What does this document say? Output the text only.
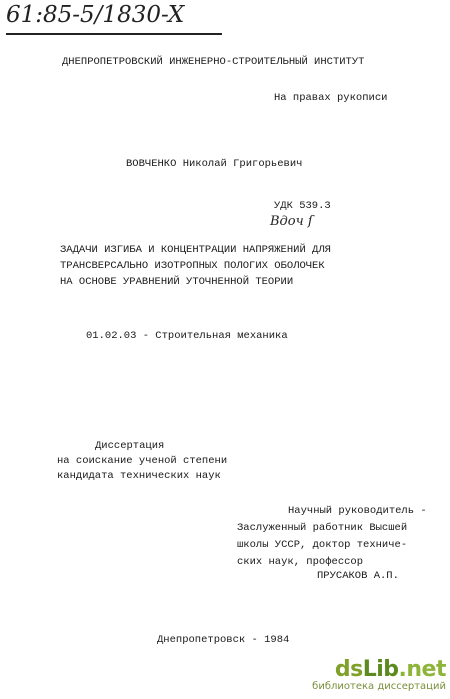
61:85-5/1830-X
ДНЕПРОПЕТРОВСКИЙ ИНЖЕНЕРНО-СТРОИТЕЛЬНЫЙ ИНСТИТУТ
На правах рукописи
ВОВЧЕНКО Николай Григорьевич
УДК 539.3
Вдоч ſ
ЗАДАЧИ ИЗГИБА И КОНЦЕНТРАЦИИ НАПРЯЖЕНИЙ ДЛЯ
ТРАНСВЕРСАЛЬНО ИЗОТРОПНЫХ ПОЛОГИХ ОБОЛОЧЕК
НА ОСНОВЕ УРАВНЕНИЙ УТОЧНЕННОЙ ТЕОРИИ
01.02.03 - Строительная механика
Диссертация
на соискание ученой степени
кандидата технических наук
Научный руководитель -
Заслуженный работник Высшей
школы УССР, доктор техниче-
ских наук, профессор
ПРУСАКОВ А.П.
Днепропетровск - 1984
dsLib.net
библиотека диссертаций
